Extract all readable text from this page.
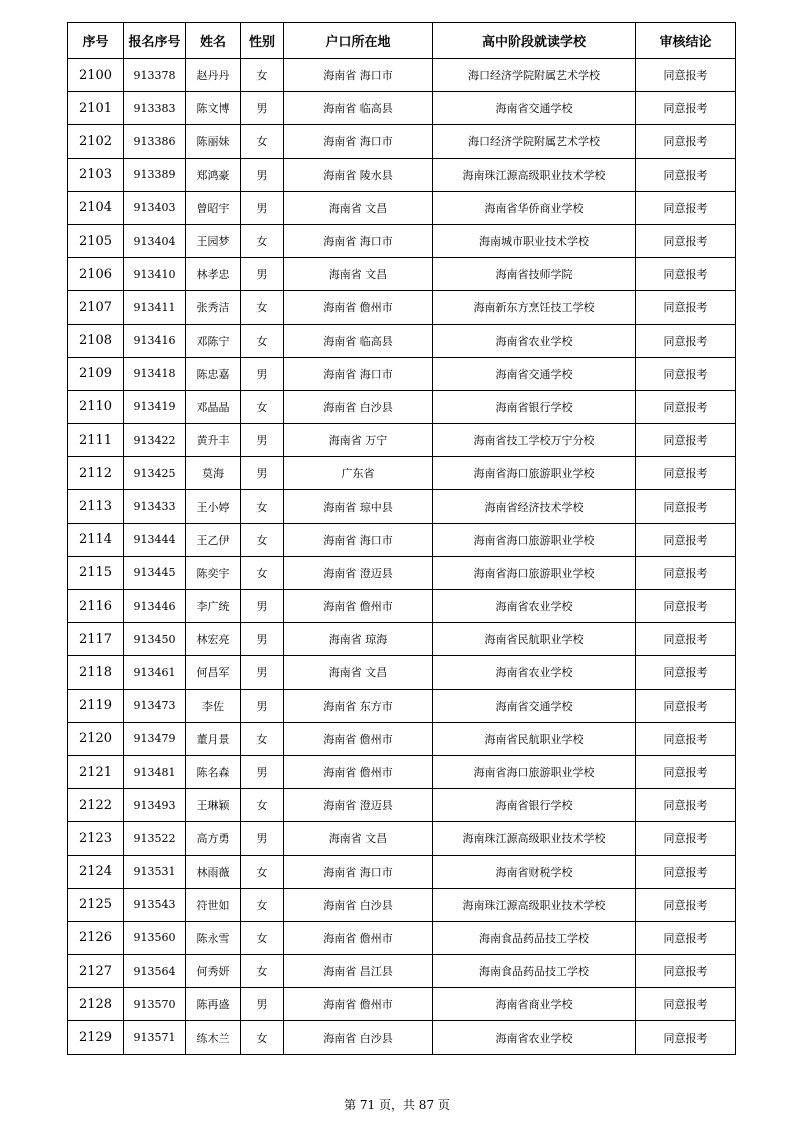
序号	报名序号	姓名	性别	户口所在地	高中阶段就读学校	审核结论
2100	913378	赵丹丹	女	海南省 海口市	海口经济学院附属艺术学校	同意报考
2101	913383	陈文博	男	海南省 临高县	海南省交通学校	同意报考
2102	913386	陈丽妹	女	海南省 海口市	海口经济学院附属艺术学校	同意报考
2103	913389	郑鸿豪	男	海南省 陵水县	海南珠江源高级职业技术学校	同意报考
2104	913403	曾昭宇	男	海南省 文昌	海南省华侨商业学校	同意报考
2105	913404	王园梦	女	海南省 海口市	海南城市职业技术学校	同意报考
2106	913410	林孝忠	男	海南省 文昌	海南省技师学院	同意报考
2107	913411	张秀洁	女	海南省 儋州市	海南新东方烹饪技工学校	同意报考
2108	913416	邓陈宁	女	海南省 临高县	海南省农业学校	同意报考
2109	913418	陈忠嘉	男	海南省 海口市	海南省交通学校	同意报考
2110	913419	邓晶晶	女	海南省 白沙县	海南省银行学校	同意报考
2111	913422	黄升丰	男	海南省 万宁	海南省技工学校万宁分校	同意报考
2112	913425	莫海	男	广东省	海南省海口旅游职业学校	同意报考
2113	913433	王小婷	女	海南省 琼中县	海南省经济技术学校	同意报考
2114	913444	王乙伊	女	海南省 海口市	海南省海口旅游职业学校	同意报考
2115	913445	陈奕宇	女	海南省 澄迈县	海南省海口旅游职业学校	同意报考
2116	913446	李广统	男	海南省 儋州市	海南省农业学校	同意报考
2117	913450	林宏亮	男	海南省 琼海	海南省民航职业学校	同意报考
2118	913461	何昌军	男	海南省 文昌	海南省农业学校	同意报考
2119	913473	李佐	男	海南省 东方市	海南省交通学校	同意报考
2120	913479	董月景	女	海南省 儋州市	海南省民航职业学校	同意报考
2121	913481	陈名森	男	海南省 儋州市	海南省海口旅游职业学校	同意报考
2122	913493	王琳颖	女	海南省 澄迈县	海南省银行学校	同意报考
2123	913522	高方勇	男	海南省 文昌	海南珠江源高级职业技术学校	同意报考
2124	913531	林雨薇	女	海南省 海口市	海南省财税学校	同意报考
2125	913543	符世如	女	海南省 白沙县	海南珠江源高级职业技术学校	同意报考
2126	913560	陈永雪	女	海南省 儋州市	海南食品药品技工学校	同意报考
2127	913564	何秀妍	女	海南省 昌江县	海南食品药品技工学校	同意报考
2128	913570	陈再盛	男	海南省 儋州市	海南省商业学校	同意报考
2129	913571	练木兰	女	海南省 白沙县	海南省农业学校	同意报考
第 71 页，共 87 页
